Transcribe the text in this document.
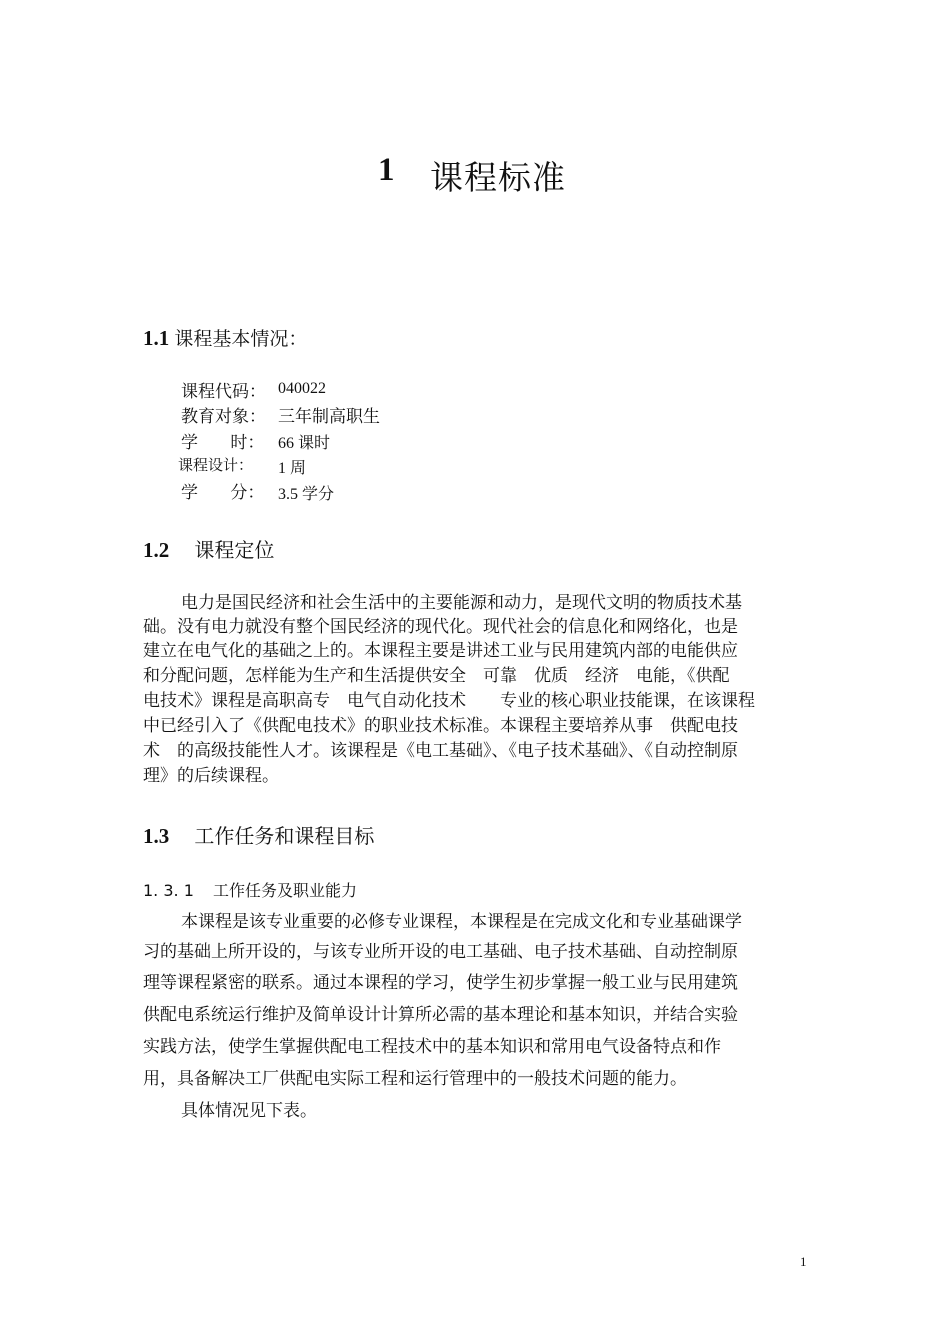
1 课程标准
1.1 课程基本情况：
课程代码： 040022
教育对象： 三年制高职生
学      时： 66 课时
课程设计： 1 周
学      分： 3.5 学分
1.2 课程定位
电力是国民经济和社会生活中的主要能源和动力，是现代文明的物质技术基
础。没有电力就没有整个国民经济的现代化。现代社会的信息化和网络化，也是
建立在电气化的基础之上的。本课程主要是讲述工业与民用建筑内部的电能供应
和分配问题，怎样能为生产和生活提供安全　可靠　优质　经济　电能，《供配
电技术》课程是高职高专　电气自动化技术　　专业的核心职业技能课，在该课程
中已经引入了《供配电技术》的职业技术标准。本课程主要培养从事　供配电技
术　的高级技能性人才。该课程是《电工基础》、《电子技术基础》、《自动控制原
理》的后续课程。
1.3 工作任务和课程目标
1. 3. 1 工作任务及职业能力
本课程是该专业重要的必修专业课程，本课程是在完成文化和专业基础课学
习的基础上所开设的，与该专业所开设的电工基础、电子技术基础、自动控制原
理等课程紧密的联系。通过本课程的学习，使学生初步掌握一般工业与民用建筑
供配电系统运行维护及简单设计计算所必需的基本理论和基本知识，并结合实验
实践方法，使学生掌握供配电工程技术中的基本知识和常用电气设备特点和作
用，具备解决工厂供配电实际工程和运行管理中的一般技术问题的能力。
具体情况见下表。
1
